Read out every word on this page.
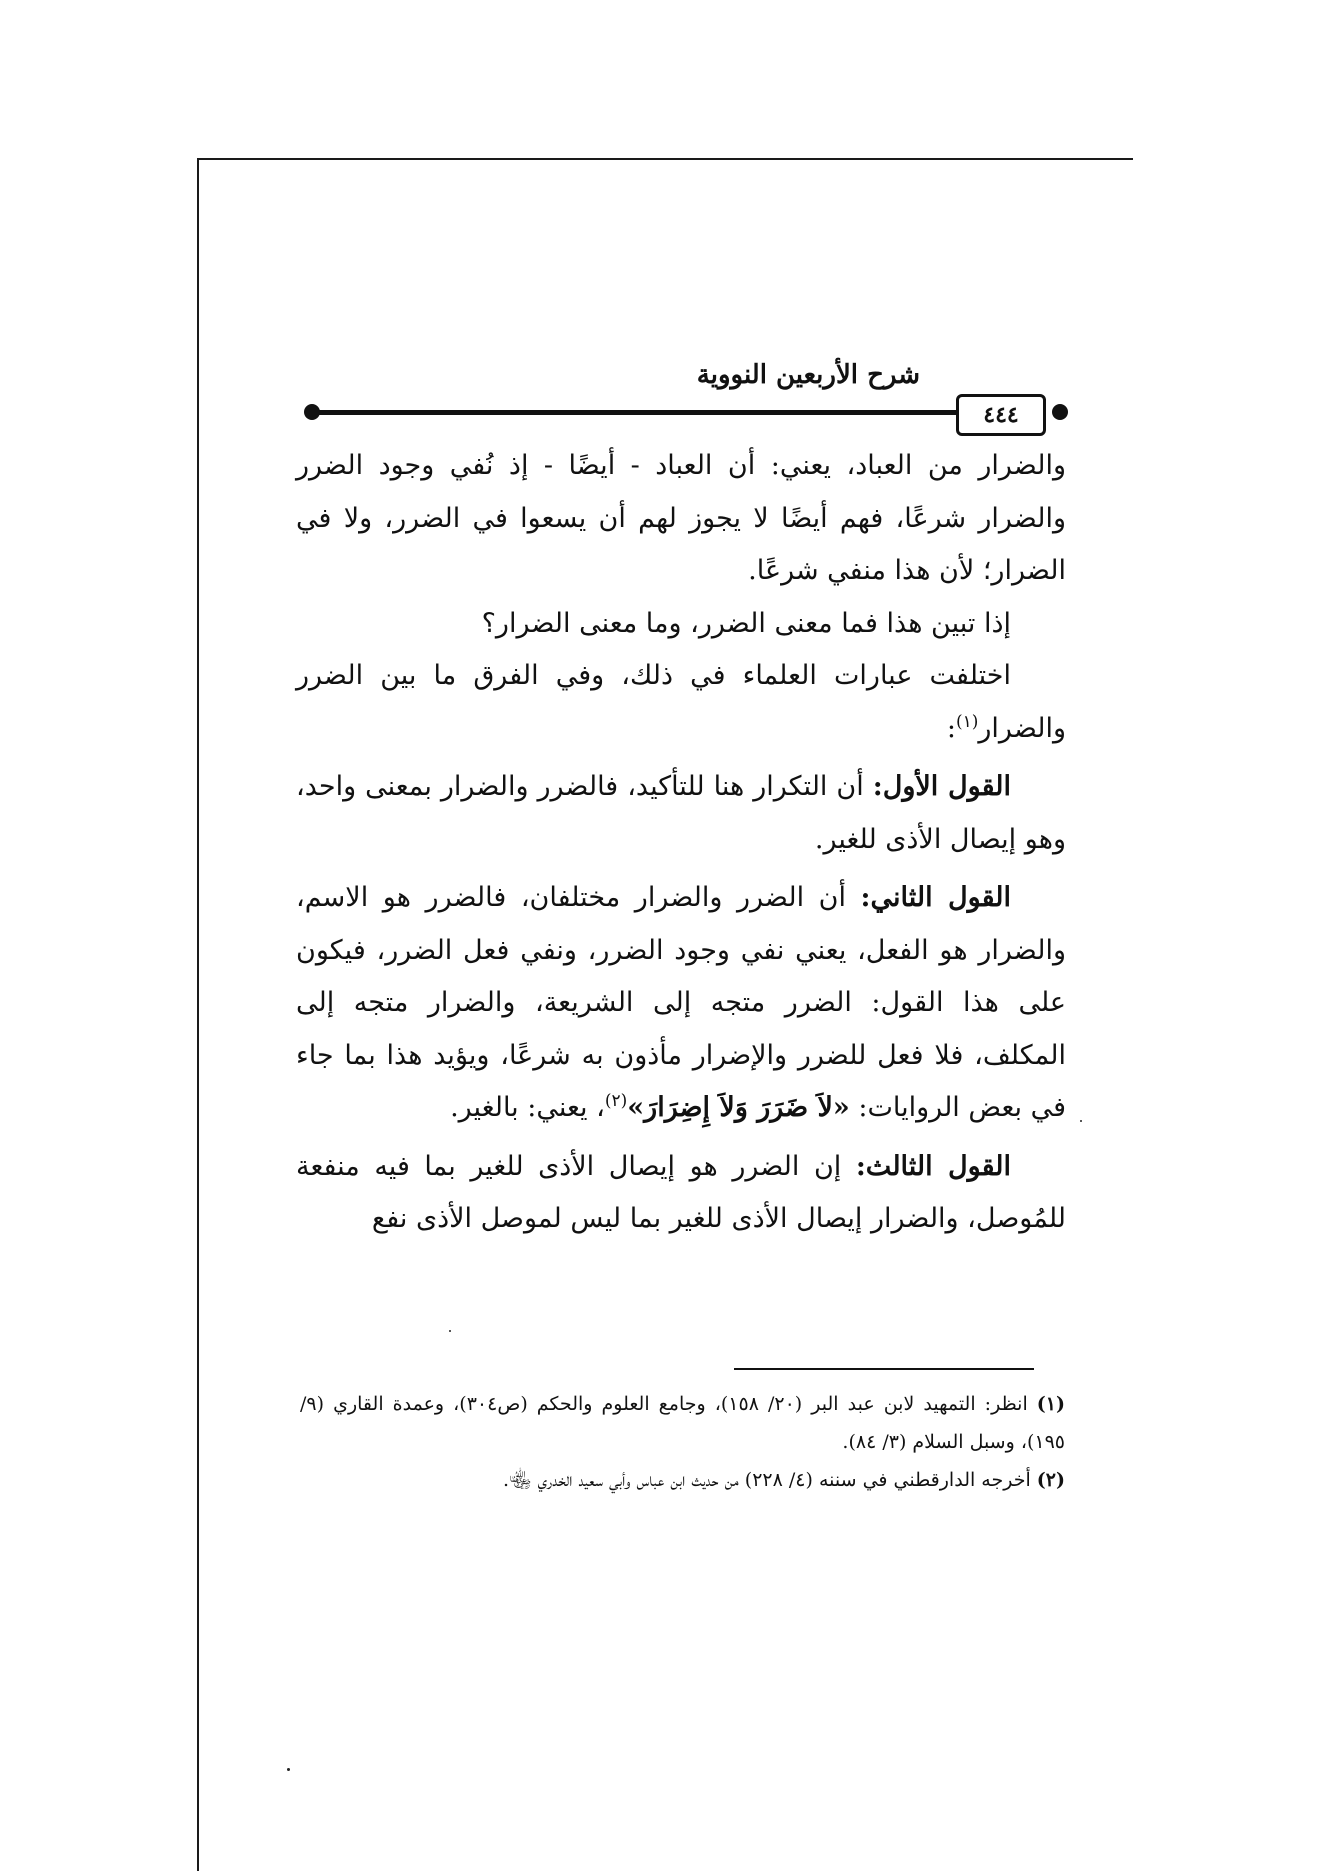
شرح الأربعين النووية
٤٤٤

والضرار من العباد، يعني: أن العباد - أيضًا - إذ نُفي وجود الضرر والضرار شرعًا، فهم أيضًا لا يجوز لهم أن يسعوا في الضرر، ولا في الضرار؛ لأن هذا منفي شرعًا.

إذا تبين هذا فما معنى الضرر، وما معنى الضرار؟

اختلفت عبارات العلماء في ذلك، وفي الفرق ما بين الضرر والضرار$^{(١)}$:

القول الأول: أن التكرار هنا للتأكيد، فالضرر والضرار بمعنى واحد، وهو إيصال الأذى للغير.

القول الثاني: أن الضرر والضرار مختلفان، فالضرر هو الاسم، والضرار هو الفعل، يعني نفي وجود الضرر، ونفي فعل الضرر، فيكون على هذا القول: الضرر متجه إلى الشريعة، والضرار متجه إلى المكلف، فلا فعل للضرر والإضرار مأذون به شرعًا، ويؤيد هذا بما جاء في بعض الروايات: «لاَ ضَرَرَ وَلاَ إِضِرَارَ»$^{(٢)}$، يعني: بالغير.

القول الثالث: إن الضرر هو إيصال الأذى للغير بما فيه منفعة للمُوصل، والضرار إيصال الأذى للغير بما ليس لموصل الأذى نفع

(١) انظر: التمهيد لابن عبد البر (٢٠/ ١٥٨)، وجامع العلوم والحكم (ص٣٠٤)، وعمدة القاري (٩/ ١٩٥)، وسبل السلام (٣/ ٨٤).

(٢) أخرجه الدارقطني في سننه (٤/ ٢٢٨) من حديث ابن عباس وأبي سعيد الخدري ﵄.
